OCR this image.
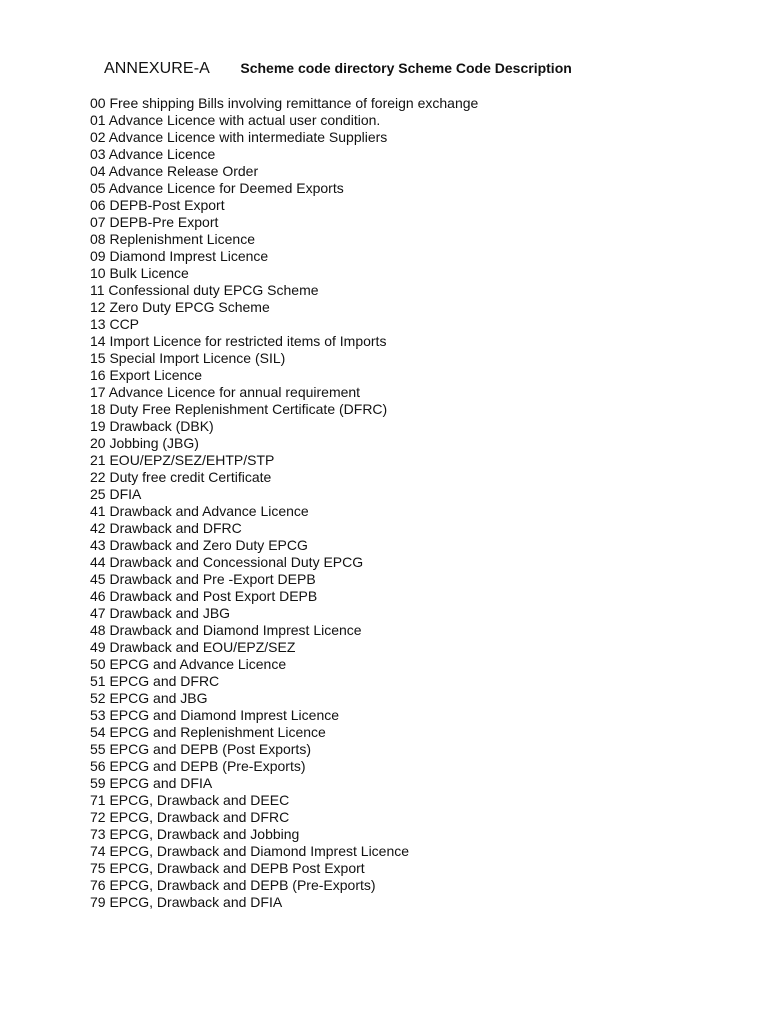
ANNEXURE-A Scheme code directory Scheme Code Description
00 Free shipping Bills involving remittance of foreign exchange
01 Advance Licence with actual user condition.
02 Advance Licence with intermediate Suppliers
03 Advance Licence
04 Advance Release Order
05 Advance Licence for Deemed Exports
06 DEPB-Post Export
07 DEPB-Pre Export
08 Replenishment Licence
09 Diamond Imprest Licence
10 Bulk Licence
11 Confessional duty EPCG Scheme
12 Zero Duty EPCG Scheme
13 CCP
14 Import Licence for restricted items of Imports
15 Special Import Licence (SIL)
16 Export Licence
17 Advance Licence for annual requirement
18 Duty Free Replenishment Certificate (DFRC)
19 Drawback (DBK)
20 Jobbing (JBG)
21 EOU/EPZ/SEZ/EHTP/STP
22 Duty free credit Certificate
25 DFIA
41 Drawback and Advance Licence
42 Drawback and DFRC
43 Drawback and Zero Duty EPCG
44 Drawback and Concessional Duty EPCG
45 Drawback and Pre -Export DEPB
46 Drawback and Post Export DEPB
47 Drawback and JBG
48 Drawback and Diamond Imprest Licence
49 Drawback and EOU/EPZ/SEZ
50 EPCG and Advance Licence
51 EPCG and DFRC
52 EPCG and JBG
53 EPCG and Diamond Imprest Licence
54 EPCG and Replenishment Licence
55 EPCG and DEPB (Post Exports)
56 EPCG and DEPB (Pre-Exports)
59 EPCG and DFIA
71 EPCG, Drawback and DEEC
72 EPCG, Drawback and DFRC
73 EPCG, Drawback and Jobbing
74 EPCG, Drawback and Diamond Imprest Licence
75 EPCG, Drawback and DEPB Post Export
76 EPCG, Drawback and DEPB (Pre-Exports)
79 EPCG, Drawback and DFIA
